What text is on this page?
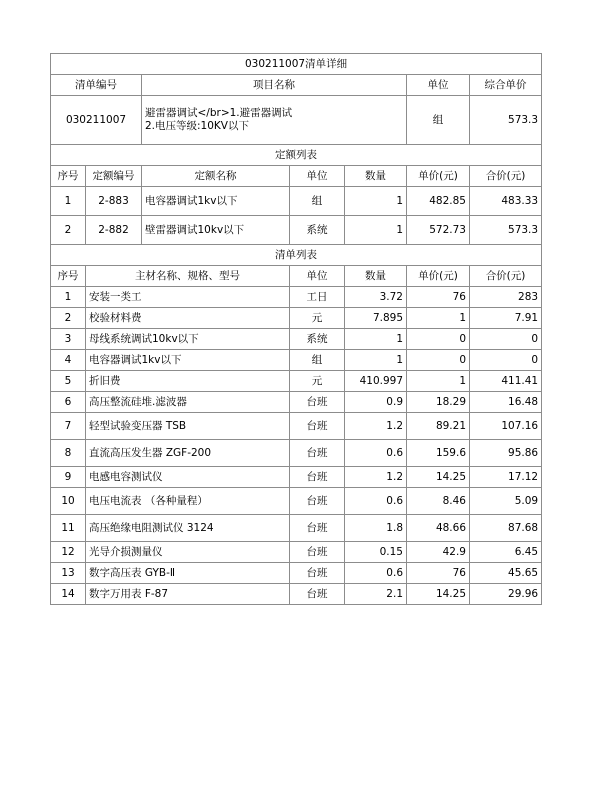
030211007清单详细						
清单编号		项目名称			单位	综合单价
030211007		避雷器调试</br>1.避雷器调试
2.电压等级:10KV以下			组	573.3
定额列表						
序号	定额编号	定额名称	单位	数量	单价(元)	合价(元)
1	2-883	电容器调试1kv以下	组	1	482.85	483.33
2	2-882	壁雷器调试10kv以下	系统	1	572.73	573.3
清单列表						
序号	主材名称、规格、型号		单位	数量	单价(元)	合价(元)
1	安装一类工		工日	3.72	76	283
2	校验材料费		元	7.895	1	7.91
3	母线系统调试10kv以下		系统	1	0	0
4	电容器调试1kv以下		组	1	0	0
5	折旧费		元	410.997	1	411.41
6	高压整流硅堆.滤波器		台班	0.9	18.29	16.48
7	轻型试验变压器 TSB		台班	1.2	89.21	107.16
8	直流高压发生器 ZGF-200		台班	0.6	159.6	95.86
9	电感电容测试仪		台班	1.2	14.25	17.12
10	电压电流表 （各种量程）		台班	0.6	8.46	5.09
11	高压绝缘电阻测试仪 3124		台班	1.8	48.66	87.68
12	光导介损测量仪		台班	0.15	42.9	6.45
13	数字高压表 GYB-Ⅱ		台班	0.6	76	45.65
14	数字万用表 F-87		台班	2.1	14.25	29.96
